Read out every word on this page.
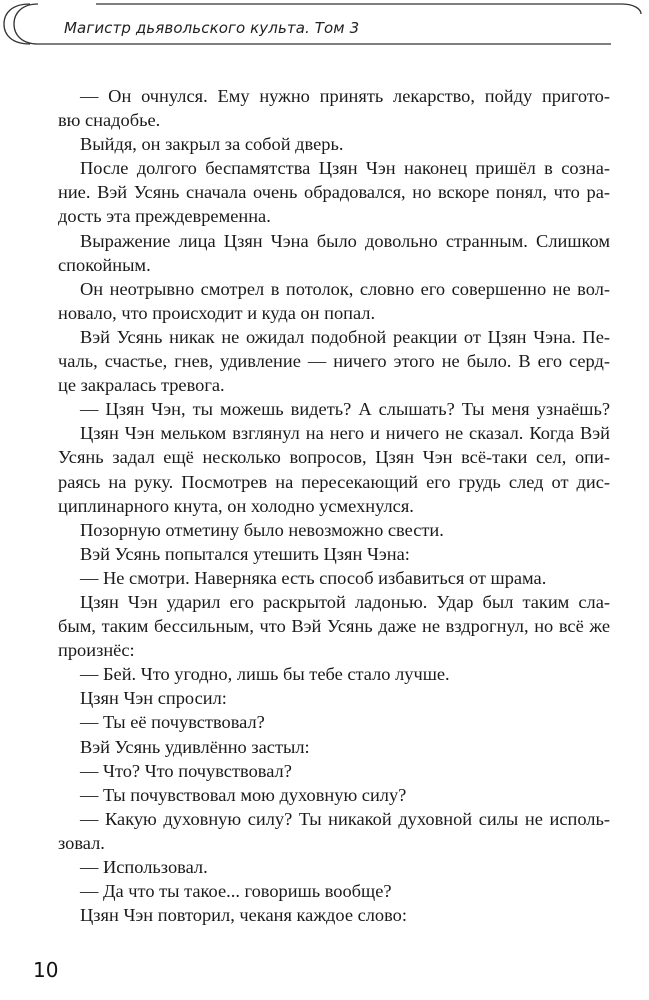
Магистр дьявольского культа. Том 3
— Он очнулся. Ему нужно принять лекарство, пойду пригото-
вю снадобье.
Выйдя, он закрыл за собой дверь.
После долгого беспамятства Цзян Чэн наконец пришёл в созна-
ние. Вэй Усянь сначала очень обрадовался, но вскоре понял, что ра-
дость эта преждевременна.
Выражение лица Цзян Чэна было довольно странным. Слишком
спокойным.
Он неотрывно смотрел в потолок, словно его совершенно не вол-
новало, что происходит и куда он попал.
Вэй Усянь никак не ожидал подобной реакции от Цзян Чэна. Пе-
чаль, счастье, гнев, удивление — ничего этого не было. В его серд-
це закралась тревога.
— Цзян Чэн, ты можешь видеть? А слышать? Ты меня узнаёшь?
Цзян Чэн мельком взглянул на него и ничего не сказал. Когда Вэй
Усянь задал ещё несколько вопросов, Цзян Чэн всё-таки сел, опи-
раясь на руку. Посмотрев на пересекающий его грудь след от дис-
циплинарного кнута, он холодно усмехнулся.
Позорную отметину было невозможно свести.
Вэй Усянь попытался утешить Цзян Чэна:
— Не смотри. Наверняка есть способ избавиться от шрама.
Цзян Чэн ударил его раскрытой ладонью. Удар был таким сла-
бым, таким бессильным, что Вэй Усянь даже не вздрогнул, но всё же
произнёс:
— Бей. Что угодно, лишь бы тебе стало лучше.
Цзян Чэн спросил:
— Ты её почувствовал?
Вэй Усянь удивлённо застыл:
— Что? Что почувствовал?
— Ты почувствовал мою духовную силу?
— Какую духовную силу? Ты никакой духовной силы не исполь-
зовал.
— Использовал.
— Да что ты такое... говоришь вообще?
Цзян Чэн повторил, чеканя каждое слово:
10
